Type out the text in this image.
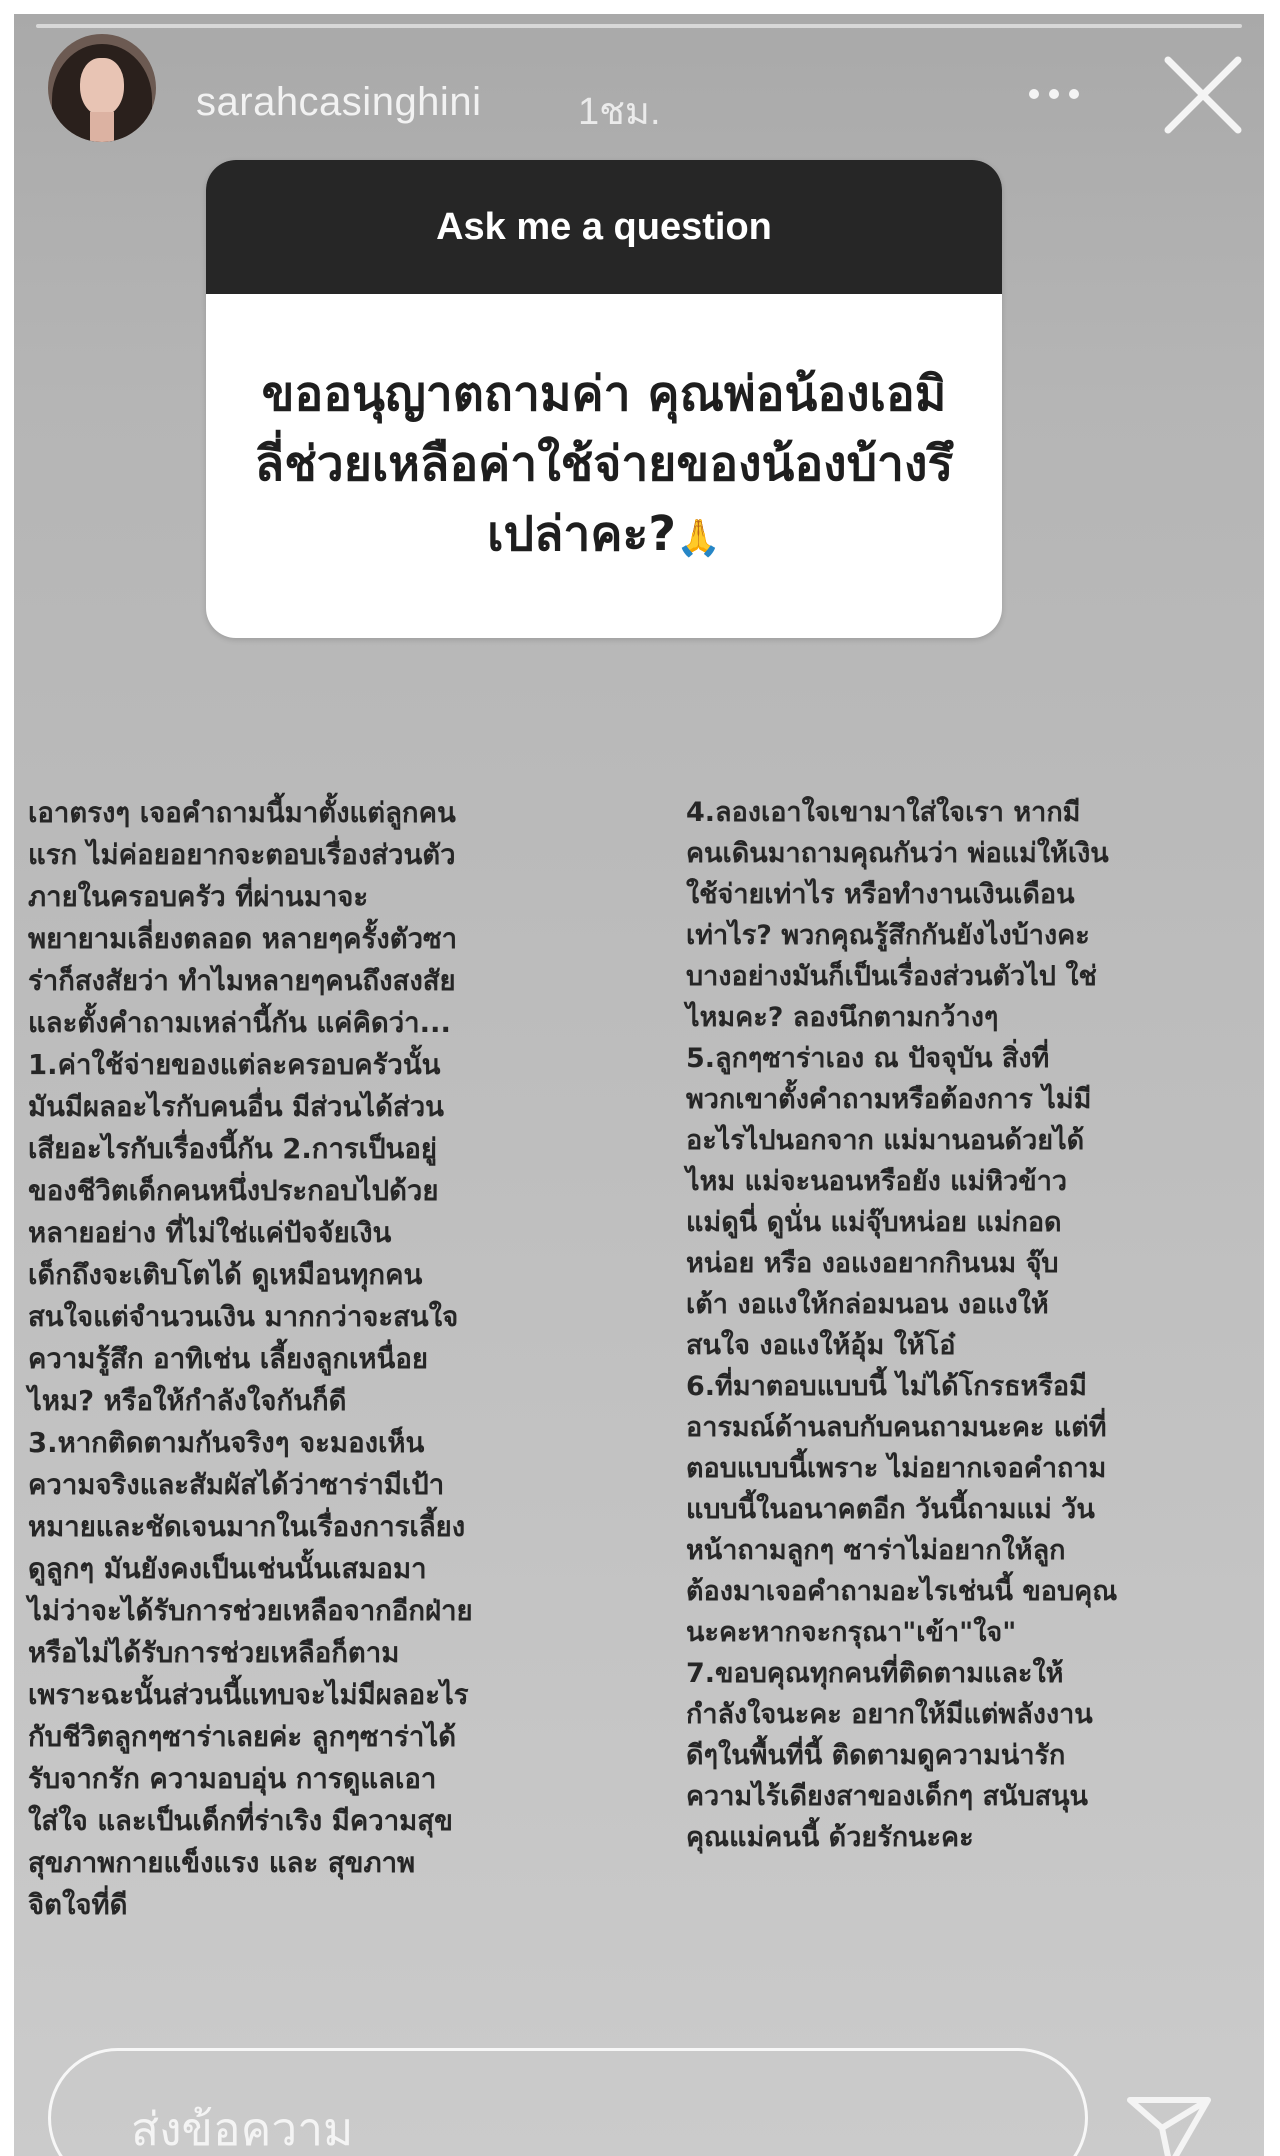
sarahcasinghini	1ชม.
Ask me a question
ขออนุญาตถามค่า คุณพ่อน้องเอมิลี่ช่วยเหลือค่าใช้จ่ายของน้องบ้างรึเปล่าคะ?🙏
เอาตรงๆ เจอคำถามนี้มาตั้งแต่ลูกคน
แรก ไม่ค่อยอยากจะตอบเรื่องส่วนตัว
ภายในครอบครัว ที่ผ่านมาจะ
พยายามเลี่ยงตลอด หลายๆครั้งตัวซา
ร่าก็สงสัยว่า ทำไมหลายๆคนถึงสงสัย
และตั้งคำถามเหล่านี้กัน แค่คิดว่า...
1.ค่าใช้จ่ายของแต่ละครอบครัวนั้น
มันมีผลอะไรกับคนอื่น มีส่วนได้ส่วน
เสียอะไรกับเรื่องนี้กัน 2.การเป็นอยู่
ของชีวิตเด็กคนหนึ่งประกอบไปด้วย
หลายอย่าง ที่ไม่ใช่แค่ปัจจัยเงิน
เด็กถึงจะเติบโตได้ ดูเหมือนทุกคน
สนใจแต่จำนวนเงิน มากกว่าจะสนใจ
ความรู้สึก อาทิเช่น เลี้ยงลูกเหนื่อย
ไหม? หรือให้กำลังใจกันก็ดี
3.หากติดตามกันจริงๆ จะมองเห็น
ความจริงและสัมผัสได้ว่าซาร่ามีเป้า
หมายและชัดเจนมากในเรื่องการเลี้ยง
ดูลูกๆ มันยังคงเป็นเช่นนั้นเสมอมา
ไม่ว่าจะได้รับการช่วยเหลือจากอีกฝ่าย
หรือไม่ได้รับการช่วยเหลือก็ตาม
เพราะฉะนั้นส่วนนี้แทบจะไม่มีผลอะไร
กับชีวิตลูกๆซาร่าเลยค่ะ ลูกๆซาร่าได้
รับจากรัก ความอบอุ่น การดูแลเอา
ใส่ใจ และเป็นเด็กที่ร่าเริง มีความสุข
สุขภาพกายแข็งแรง และ สุขภาพ
จิตใจที่ดี
4.ลองเอาใจเขามาใส่ใจเรา หากมี
คนเดินมาถามคุณกันว่า พ่อแม่ให้เงิน
ใช้จ่ายเท่าไร หรือทำงานเงินเดือน
เท่าไร? พวกคุณรู้สึกกันยังไงบ้างคะ
บางอย่างมันก็เป็นเรื่องส่วนตัวไป ใช่
ไหมคะ? ลองนึกตามกว้างๆ
5.ลูกๆซาร่าเอง ณ ปัจจุบัน สิ่งที่
พวกเขาตั้งคำถามหรือต้องการ ไม่มี
อะไรไปนอกจาก แม่มานอนด้วยได้
ไหม แม่จะนอนหรือยัง แม่หิวข้าว
แม่ดูนี่ ดูนั่น แม่จุ๊บหน่อย แม่กอด
หน่อย หรือ งอแงอยากกินนม จุ๊บ
เต้า งอแงให้กล่อมนอน งอแงให้
สนใจ งอแงให้อุ้ม ให้โอ๋
6.ที่มาตอบแบบนี้ ไม่ได้โกรธหรือมี
อารมณ์ด้านลบกับคนถามนะคะ แต่ที่
ตอบแบบนี้เพราะ ไม่อยากเจอคำถาม
แบบนี้ในอนาคตอีก วันนี้ถามแม่ วัน
หน้าถามลูกๆ ซาร่าไม่อยากให้ลูก
ต้องมาเจอคำถามอะไรเช่นนี้ ขอบคุณ
นะคะหากจะกรุณา"เข้า"ใจ"
7.ขอบคุณทุกคนที่ติดตามและให้
กำลังใจนะคะ อยากให้มีแต่พลังงาน
ดีๆในพื้นที่นี้ ติดตามดูความน่ารัก
ความไร้เดียงสาของเด็กๆ สนับสนุน
คุณแม่คนนี้ ด้วยรักนะคะ
ส่งข้อความ
